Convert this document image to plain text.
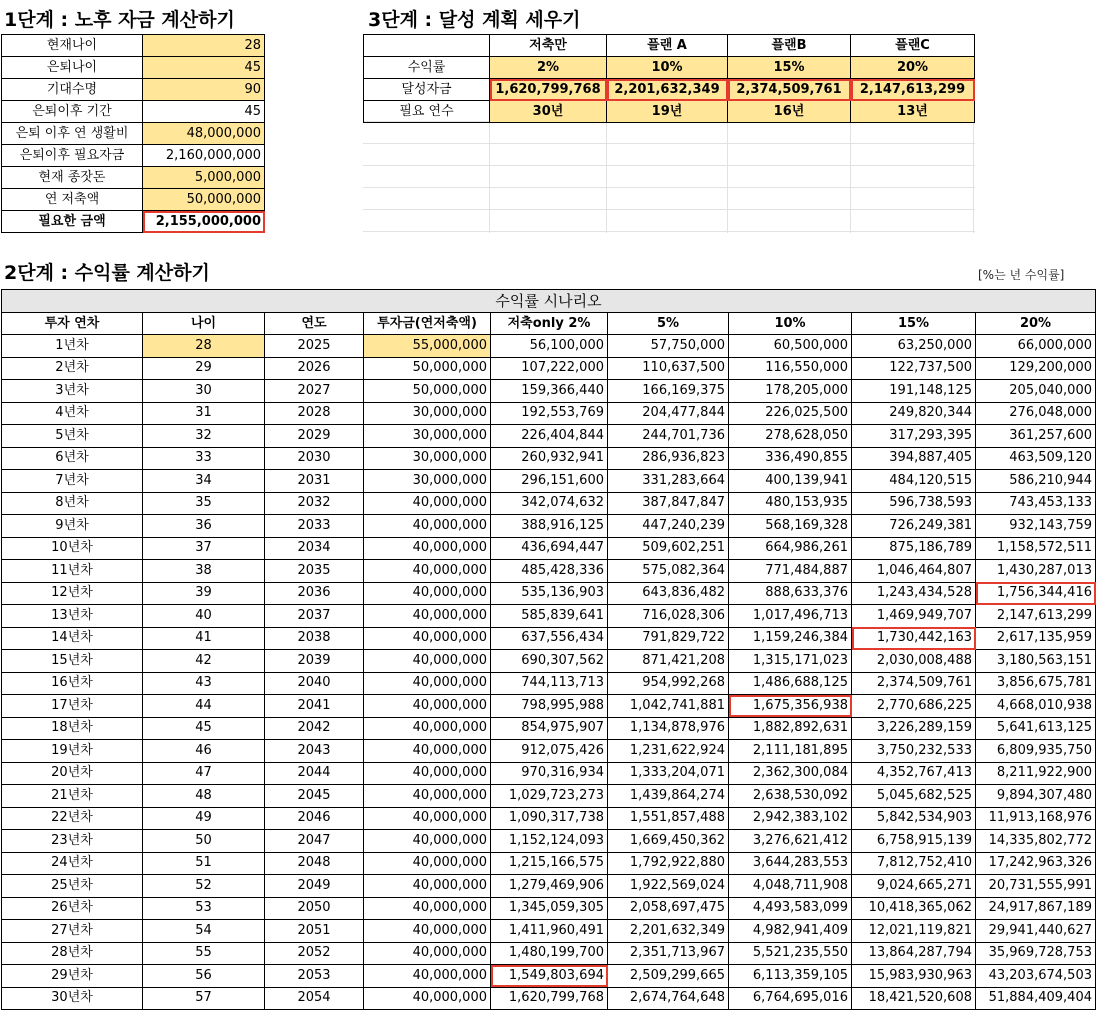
1단계 : 노후 자금 계산하기
현재나이	28
은퇴나이	45
기대수명	90
은퇴이후 기간	45
은퇴 이후 연 생활비	48,000,000
은퇴이후 필요자금	2,160,000,000
현재 종잣돈	5,000,000
연 저축액	50,000,000
필요한 금액	2,155,000,000
3단계 : 달성 계획 세우기
	저축만	플랜 A	플랜B	플랜C
수익률	2%	10%	15%	20%
달성자금	1,620,799,768	2,201,632,349	2,374,509,761	2,147,613,299
필요 연수	30년	19년	16년	13년
2단계 : 수익률 계산하기	[%는 년 수익률]
수익률 시나리오								
투자 연차	나이	연도	투자금(연저축액)	저축only 2%	5%	10%	15%	20%
1년차	28	2025	55,000,000	56,100,000	57,750,000	60,500,000	63,250,000	66,000,000
2년차	29	2026	50,000,000	107,222,000	110,637,500	116,550,000	122,737,500	129,200,000
3년차	30	2027	50,000,000	159,366,440	166,169,375	178,205,000	191,148,125	205,040,000
4년차	31	2028	30,000,000	192,553,769	204,477,844	226,025,500	249,820,344	276,048,000
5년차	32	2029	30,000,000	226,404,844	244,701,736	278,628,050	317,293,395	361,257,600
6년차	33	2030	30,000,000	260,932,941	286,936,823	336,490,855	394,887,405	463,509,120
7년차	34	2031	30,000,000	296,151,600	331,283,664	400,139,941	484,120,515	586,210,944
8년차	35	2032	40,000,000	342,074,632	387,847,847	480,153,935	596,738,593	743,453,133
9년차	36	2033	40,000,000	388,916,125	447,240,239	568,169,328	726,249,381	932,143,759
10년차	37	2034	40,000,000	436,694,447	509,602,251	664,986,261	875,186,789	1,158,572,511
11년차	38	2035	40,000,000	485,428,336	575,082,364	771,484,887	1,046,464,807	1,430,287,013
12년차	39	2036	40,000,000	535,136,903	643,836,482	888,633,376	1,243,434,528	1,756,344,416
13년차	40	2037	40,000,000	585,839,641	716,028,306	1,017,496,713	1,469,949,707	2,147,613,299
14년차	41	2038	40,000,000	637,556,434	791,829,722	1,159,246,384	1,730,442,163	2,617,135,959
15년차	42	2039	40,000,000	690,307,562	871,421,208	1,315,171,023	2,030,008,488	3,180,563,151
16년차	43	2040	40,000,000	744,113,713	954,992,268	1,486,688,125	2,374,509,761	3,856,675,781
17년차	44	2041	40,000,000	798,995,988	1,042,741,881	1,675,356,938	2,770,686,225	4,668,010,938
18년차	45	2042	40,000,000	854,975,907	1,134,878,976	1,882,892,631	3,226,289,159	5,641,613,125
19년차	46	2043	40,000,000	912,075,426	1,231,622,924	2,111,181,895	3,750,232,533	6,809,935,750
20년차	47	2044	40,000,000	970,316,934	1,333,204,071	2,362,300,084	4,352,767,413	8,211,922,900
21년차	48	2045	40,000,000	1,029,723,273	1,439,864,274	2,638,530,092	5,045,682,525	9,894,307,480
22년차	49	2046	40,000,000	1,090,317,738	1,551,857,488	2,942,383,102	5,842,534,903	11,913,168,976
23년차	50	2047	40,000,000	1,152,124,093	1,669,450,362	3,276,621,412	6,758,915,139	14,335,802,772
24년차	51	2048	40,000,000	1,215,166,575	1,792,922,880	3,644,283,553	7,812,752,410	17,242,963,326
25년차	52	2049	40,000,000	1,279,469,906	1,922,569,024	4,048,711,908	9,024,665,271	20,731,555,991
26년차	53	2050	40,000,000	1,345,059,305	2,058,697,475	4,493,583,099	10,418,365,062	24,917,867,189
27년차	54	2051	40,000,000	1,411,960,491	2,201,632,349	4,982,941,409	12,021,119,821	29,941,440,627
28년차	55	2052	40,000,000	1,480,199,700	2,351,713,967	5,521,235,550	13,864,287,794	35,969,728,753
29년차	56	2053	40,000,000	1,549,803,694	2,509,299,665	6,113,359,105	15,983,930,963	43,203,674,503
30년차	57	2054	40,000,000	1,620,799,768	2,674,764,648	6,764,695,016	18,421,520,608	51,884,409,404
